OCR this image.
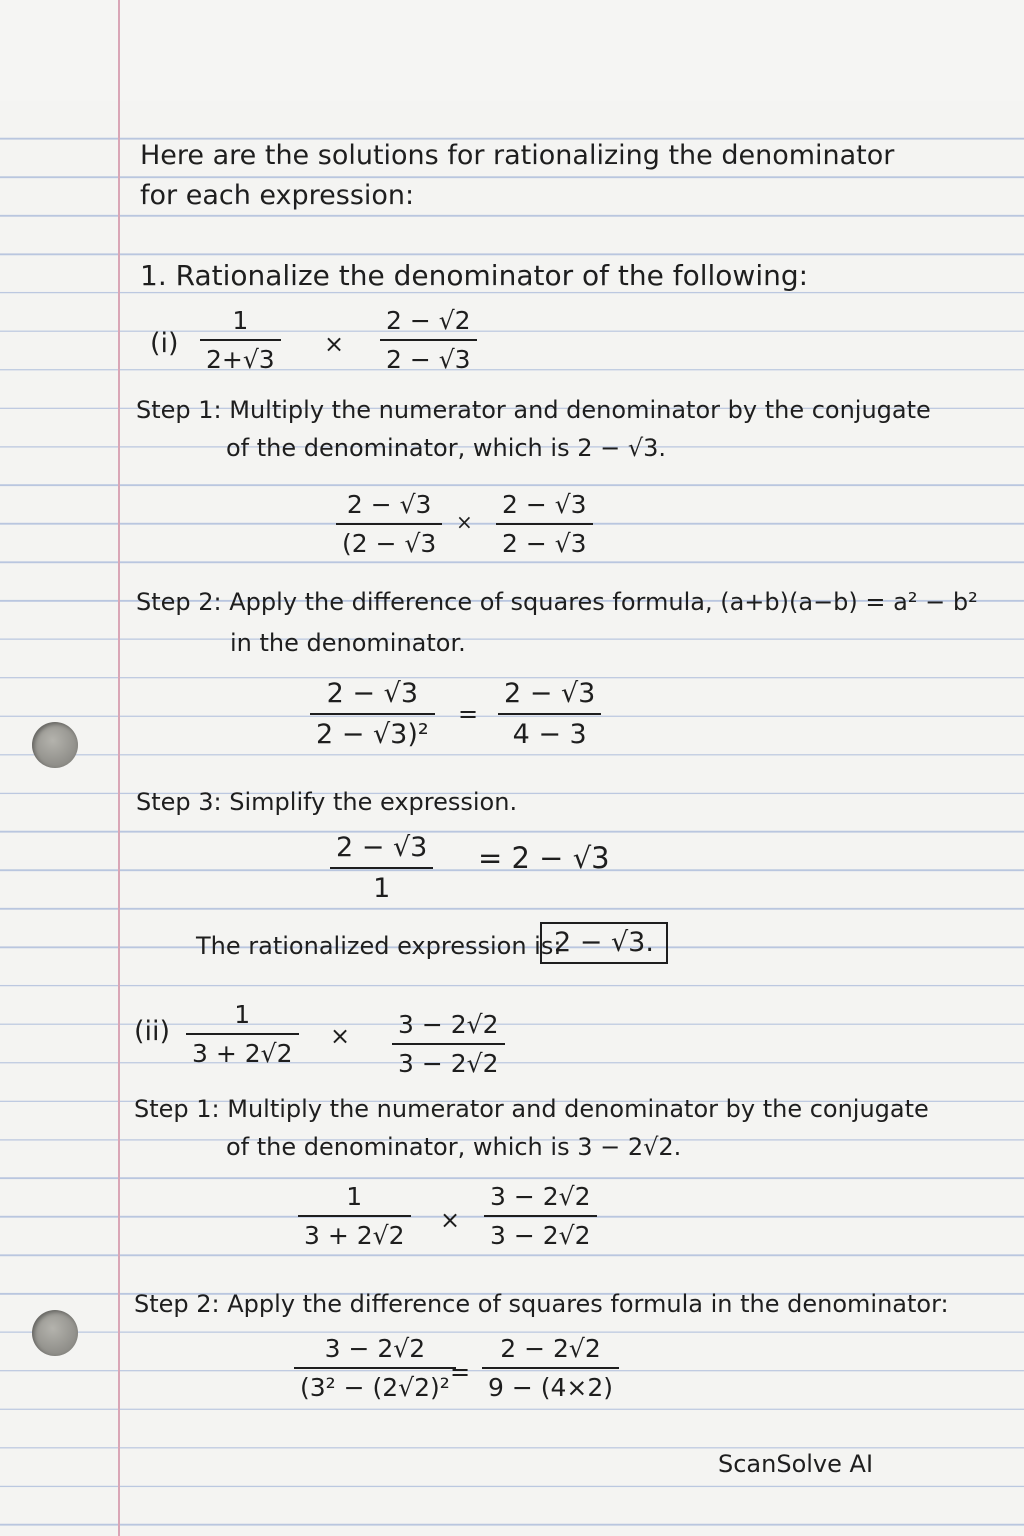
Here are the solutions for rationalizing the denominator
for each expression:
1. Rationalize the denominator of the following:
(i)
1
2+√3
×
2 − √2
2 − √3
Step 1: Multiply the numerator and denominator by the conjugate
of the denominator, which is 2 − √3.
2 − √3
(2 − √3
×
2 − √3
2 − √3
Step 2: Apply the difference of squares formula, (a+b)(a−b) = a² − b²
in the denominator.
2 − √3
2 − √3)²
=
2 − √3
4 − 3
Step 3: Simplify the expression.
2 − √3
1
= 2 − √3
The rationalized expression is:
2 − √3.
(ii)
1
3 + 2√2
× 3 − 2√2
3 − 2√2
Step 1: Multiply the numerator and denominator by the conjugate
of the denominator, which is 3 − 2√2.
1
3 + 2√2
×
3 − 2√2
3 − 2√2
Step 2: Apply the difference of squares formula in the denominator:
3 − 2√2
(3² − (2√2)²
=
2 − 2√2
9 − (4×2)
ScanSolve AI
